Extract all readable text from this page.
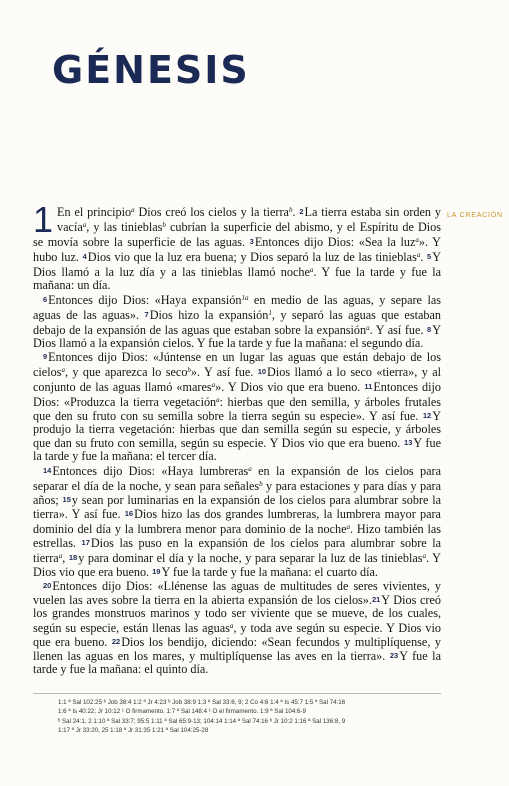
GÉNESIS
LA CREACIÓN
1 En el principio$^a$ Dios creó los cielos y la tierra$^b$. 2La tierra estaba sin orden y vacía$^a$, y las tinieblas$^b$ cubrían la superficie del abismo, y el Espíritu de Dios se movía sobre la superficie de las aguas. 3Entonces dijo Dios: «Sea la luz$^a$». Y hubo luz. 4Dios vio que la luz era buena; y Dios separó la luz de las tinieblas$^a$. 5Y Dios llamó a la luz día y a las tinieblas llamó noche$^a$. Y fue la tarde y fue la mañana: un día.

6Entonces dijo Dios: «Haya expansión$^{1a}$ en medio de las aguas, y separe las aguas de las aguas». 7Dios hizo la expansión$^1$, y separó las aguas que estaban debajo de la expansión de las aguas que estaban sobre la expansión$^a$. Y así fue. 8Y Dios llamó a la expansión cielos. Y fue la tarde y fue la mañana: el segundo día.

9Entonces dijo Dios: «Júntense en un lugar las aguas que están debajo de los cielos$^a$, y que aparezca lo seco$^b$». Y así fue. 10Dios llamó a lo seco «tierra», y al conjunto de las aguas llamó «mares$^a$». Y Dios vio que era bueno. 11Entonces dijo Dios: «Produzca la tierra vegetación$^a$: hierbas que den semilla, y árboles frutales que den su fruto con su semilla sobre la tierra según su especie». Y así fue. 12Y produjo la tierra vegetación: hierbas que dan semilla según su especie, y árboles que dan su fruto con semilla, según su especie. Y Dios vio que era bueno. 13Y fue la tarde y fue la mañana: el tercer día.

14Entonces dijo Dios: «Haya lumbreras$^a$ en la expansión de los cielos para separar el día de la noche, y sean para señales$^b$ y para estaciones y para días y para años; 15y sean por luminarias en la expansión de los cielos para alumbrar sobre la tierra». Y así fue. 16Dios hizo las dos grandes lumbreras, la lumbrera mayor para dominio del día y la lumbrera menor para dominio de la noche$^a$. Hizo también las estrellas. 17Dios las puso en la expansión de los cielos para alumbrar sobre la tierra$^a$, 18y para dominar el día y la noche, y para separar la luz de las tinieblas$^a$. Y Dios vio que era bueno. 19Y fue la tarde y fue la mañana: el cuarto día.

20Entonces dijo Dios: «Llénense las aguas de multitudes de seres vivientes, y vuelen las aves sobre la tierra en la abierta expansión de los cielos».21Y Dios creó los grandes monstruos marinos y todo ser viviente que se mueve, de los cuales, según su especie, están llenas las aguas$^a$, y toda ave según su especie. Y Dios vio que era bueno. 22Dios los bendijo, diciendo: «Sean fecundos y multiplíquense, y llenen las aguas en los mares, y multiplíquense las aves en la tierra». 23Y fue la tarde y fue la mañana: el quinto día.

1:1 ª Sal 102:25 ᵇ Job 38:4 1:2 ª Jr 4:23 ᵇ Job 38:9 1:3 ª Sal 33:6, 9; 2 Co 4:6 1:4 ª Is 45:7 1:5 ª Sal 74:16
1:6 ª Is 40:22; Jr 10:12 ¹ O firmamento. 1:7 ª Sal 148:4 ¹ O el firmamento. 1:9 ª Sal 104:6-9
ᵇ Sal 24:1, 2 1:10 ª Sal 33:7; 95:5 1:11 ª Sal 65:9-13; 104:14 1:14 ª Sal 74:16 ᵇ Jr 10:2 1:16 ª Sal 136:8, 9
1:17 ª Jr 33:20, 25 1:18 ª Jr 31:35 1:21 ª Sal 104:25-28
